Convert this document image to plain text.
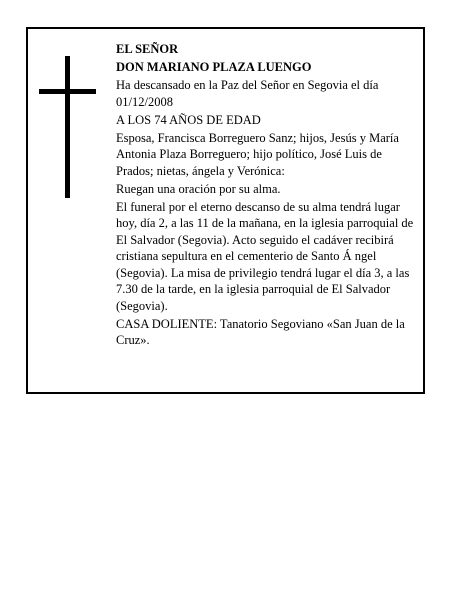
EL SEÑOR

DON MARIANO PLAZA LUENGO

Ha descansado en la Paz del Señor en Segovia el día 01/12/2008

A LOS 74 AÑOS DE EDAD

Esposa, Francisca Borreguero Sanz; hijos, Jesús y María Antonia Plaza Borreguero; hijo político, José Luis de Prados; nietas, ángela y Verónica:

Ruegan una oración por su alma.

El funeral por el eterno descanso de su alma tendrá lugar hoy, día 2, a las 11 de la mañana, en la iglesia parroquial de El Salvador (Segovia). Acto seguido el cadáver recibirá cristiana sepultura en el cementerio de Santo Á ngel (Segovia). La misa de privilegio tendrá lugar el día 3, a las 7.30 de la tarde, en la iglesia parroquial de El Salvador (Segovia).

CASA DOLIENTE: Tanatorio Segoviano «San Juan de la Cruz».
